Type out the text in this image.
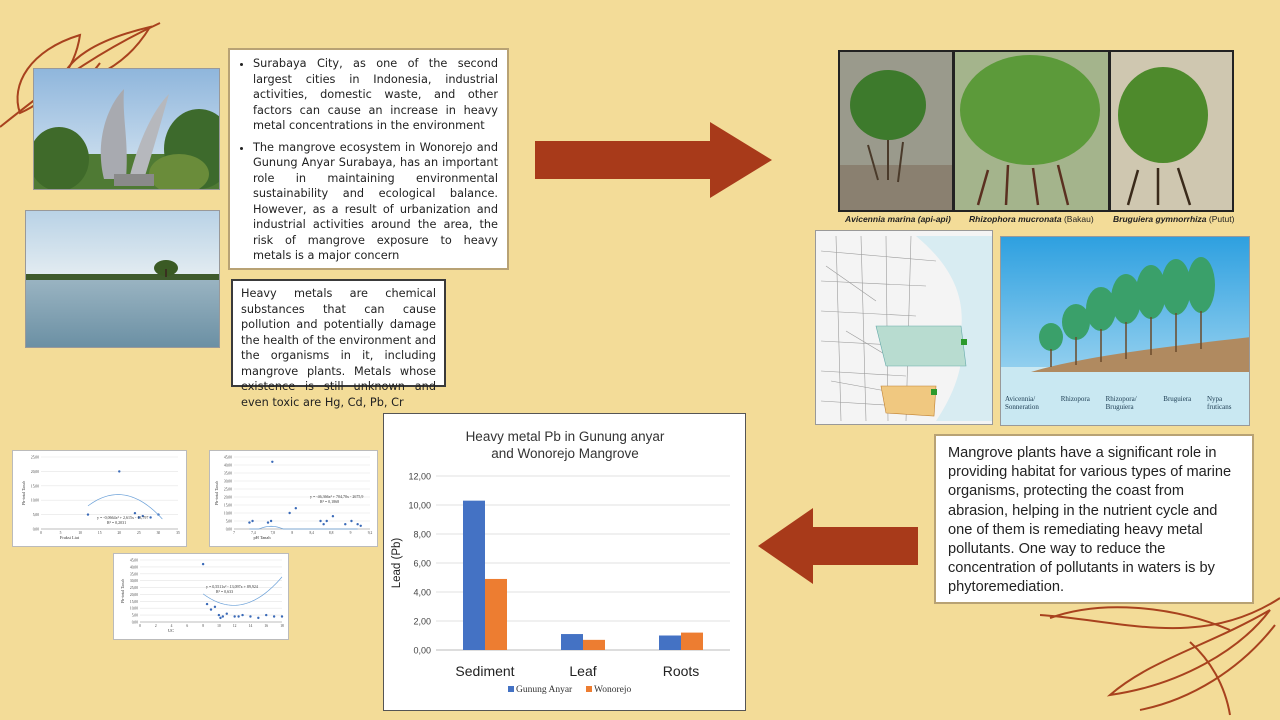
• Surabaya City, as one of the second largest cities in Indonesia, industrial activities, domestic waste, and other factors can cause an increase in heavy metal concentrations in the environment
• The mangrove ecosystem in Wonorejo and Gunung Anyar Surabaya, has an important role in maintaining environmental sustainability and ecological balance. However, as a result of urbanization and industrial activities around the area, the risk of mangrove exposure to heavy metals is a major concern
Heavy metals are chemical substances that can cause pollution and potentially damage the health of the environment and the organisms in it, including mangrove plants. Metals whose existence is still unknown and even toxic are Hg, Cd, Pb, Cr
Avicennia marina (api-api) Rhizophora mucronata (Bakau) Bruguiera gymnorrhiza (Putut)
Avicennia/ Sonneration
Rhizopora Rhizopora/ Bruguiera
Bruguiera Nypa fruticans
Mangrove plants have a significant role in providing habitat for various types of marine organisms, protecting the coast from abrasion, helping in the nutrient cycle and one of them is remediating heavy metal pollutants. One way to reduce the concentration of pollutants in waters is by phytoremediation.
Heavy metal Pb in Gunung anyar
and Wonorejo Mangrove
0,00
2,00
4,00
6,00
8,00
10,00
12,00
Lead (Pb)
Sediment	Leaf	Roots
Gunung Anyar Wonorejo
0,00
5,00
10,00
15,00
20,00
25,00
0	5	10	15	20	25	30	35
Fraksi Liat
Pb-total Tanah
y = -0,0664x² + 2,615x - 13,797
R² = 0,2031
0,00
5,00
10,00
15,00
20,00
25,00
30,00
35,00
40,00
45,00
7	7,4	7,8	8	8,4	8,8	9	9,2
pH Tanah
Pb-total Tanah	y = -46,366x² + 704,70x - 2675,9
R² = 0,1868
0,00
5,00
10,00
15,00
20,00
25,00
30,00
35,00
40,00
45,00
0	2	4	6	8	10	12	14	16	18
UC
Pb-total Tanah	y = 0,5511x² - 13,097x + 89,924
R² = 0,633
